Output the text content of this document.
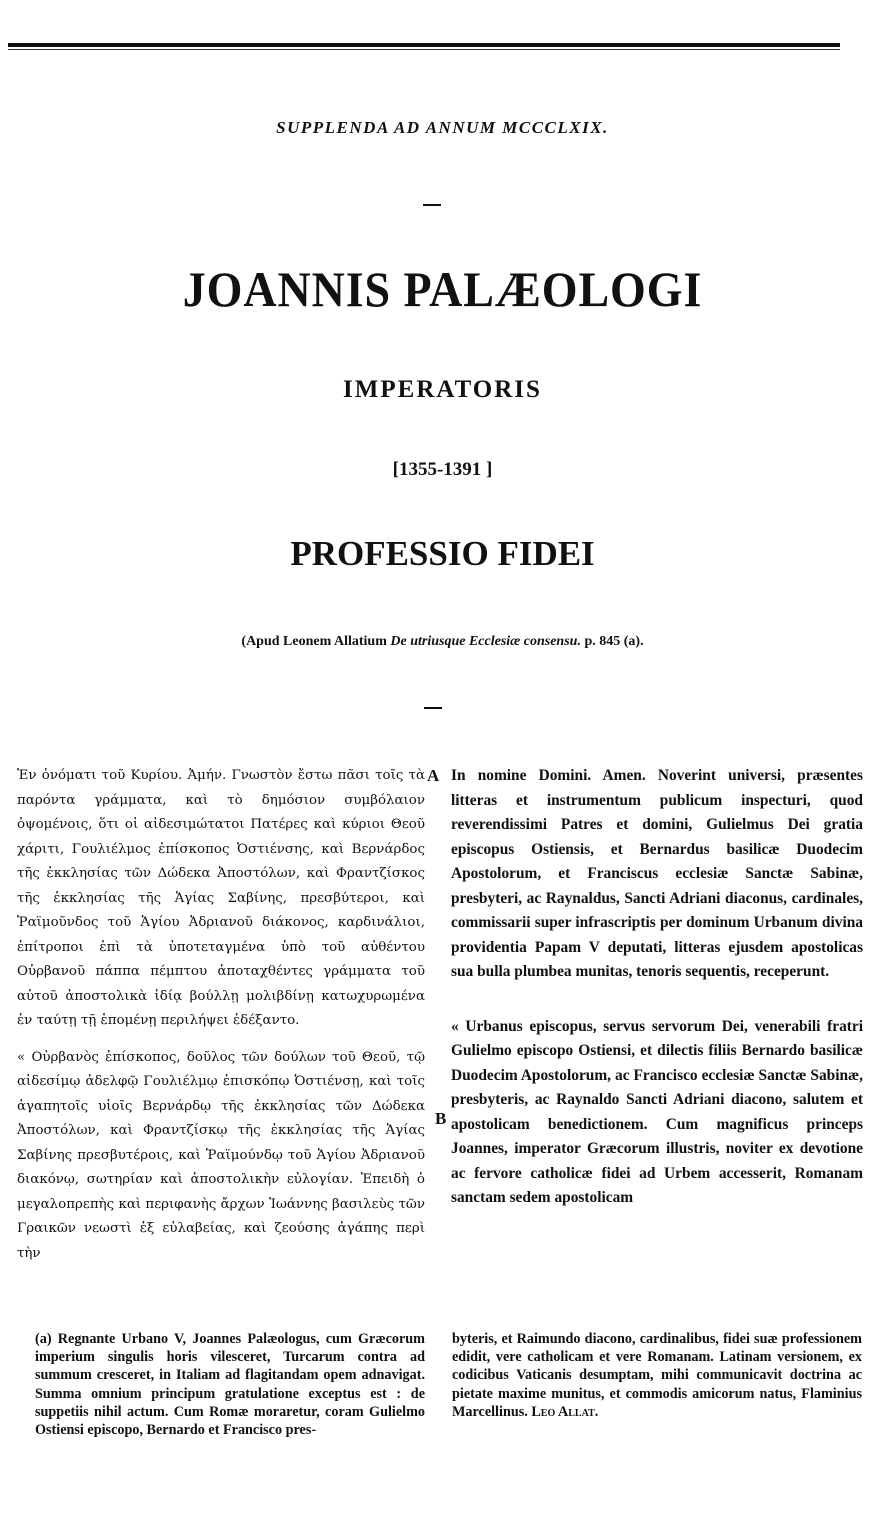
SUPPLENDA AD ANNUM MCCCLXIX.
JOANNIS PALÆOLOGI
IMPERATORIS
[1355-1391 ]
PROFESSIO FIDEI
(Apud Leonem Allatium De utriusque Ecclesiæ consensu. p. 845 (a).

Ἐν ὀνόματι τοῦ Κυρίου. Ἀμήν. Γνωστὸν ἔστω πᾶσι τοῖς τὰ παρόντα γράμματα, καὶ τὸ δημόσιον συμβόλαιον ὀψομένοις, ὅτι οἱ αἰδεσιμώτατοι Πατέρες καὶ κύριοι Θεοῦ χάριτι, Γουλιέλμος ἐπίσκοπος Ὀστιένσης, καὶ Βερνάρδος τῆς ἐκκλησίας τῶν Δώδεκα Ἀποστόλων, καὶ Φραντζίσκος τῆς ἐκκλησίας τῆς Ἁγίας Σαβίνης, πρεσβύτεροι, καὶ Ῥαϊμοῦνδος τοῦ Ἁγίου Ἀδριανοῦ διάκονος, καρδινάλιοι, ἐπίτροποι ἐπὶ τὰ ὑποτεταγμένα ὑπὸ τοῦ αὐθέντου Οὐρβανοῦ πάππα πέμπτου ἀποταχθέντες γράμματα τοῦ αὐτοῦ ἀποστολικὰ ἰδίᾳ βούλλῃ μολιβδίνῃ κατωχυρωμένα ἐν ταύτῃ τῇ ἑπομένῃ περιλήψει ἐδέξαντο.

« Οὐρβανὸς ἐπίσκοπος, δοῦλος τῶν δούλων τοῦ Θεοῦ, τῷ αἰδεσίμῳ ἀδελφῷ Γουλιέλμῳ ἐπισκόπῳ Ὀστιένσῃ, καὶ τοῖς ἀγαπητοῖς υἱοῖς Βερνάρδῳ τῆς ἐκκλησίας τῶν Δώδεκα Ἀποστόλων, καὶ Φραντζίσκῳ τῆς ἐκκλησίας τῆς Ἁγίας Σαβίνης πρεσβυτέροις, καὶ Ῥαϊμούνδῳ τοῦ Ἁγίου Ἀδριανοῦ διακόνῳ, σωτηρίαν καὶ ἀποστολικὴν εὐλογίαν. Ἐπειδὴ ὁ μεγαλοπρεπὴς καὶ περιφανὴς ἄρχων Ἰωάννης βασιλεὺς τῶν Γραικῶν νεωστὶ ἐξ εὐλαβείας, καὶ ζεούσης ἀγάπης περὶ τὴν

A
B

In nomine Domini. Amen. Noverint universi, præsentes litteras et instrumentum publicum inspecturi, quod reverendissimi Patres et domini, Gulielmus Dei gratia episcopus Ostiensis, et Bernardus basilicæ Duodecim Apostolorum, et Franciscus ecclesiæ Sanctæ Sabinæ, presbyteri, ac Raynaldus, Sancti Adriani diaconus, cardinales, commissarii super infrascriptis per dominum Urbanum divina providentia Papam V deputati, litteras ejusdem apostolicas sua bulla plumbea munitas, tenoris sequentis, receperunt.

« Urbanus episcopus, servus servorum Dei, venerabili fratri Gulielmo episcopo Ostiensi, et dilectis filiis Bernardo basilicæ Duodecim Apostolorum, ac Francisco ecclesiæ Sanctæ Sabinæ, presbyteris, ac Raynaldo Sancti Adriani diacono, salutem et apostolicam benedictionem. Cum magnificus princeps Joannes, imperator Græcorum illustris, noviter ex devotione ac fervore catholicæ fidei ad Urbem accesserit, Romanam sanctam sedem apostolicam

(a) Regnante Urbano V, Joannes Palæologus, cum Græcorum imperium singulis horis vilesceret, Turcarum contra ad summum cresceret, in Italiam ad flagitandam opem adnavigat. Summa omnium principum gratulatione exceptus est : de suppetiis nihil actum. Cum Romæ moraretur, coram Gulielmo Ostiensi episcopo, Bernardo et Francisco pres-

byteris, et Raimundo diacono, cardinalibus, fidei suæ professionem edidit, vere catholicam et vere Romanam. Latinam versionem, ex codicibus Vaticanis desumptam, mihi communicavit doctrina ac pietate maxime munitus, et commodis amicorum natus, Flaminius Marcellinus. Leo Allat.
